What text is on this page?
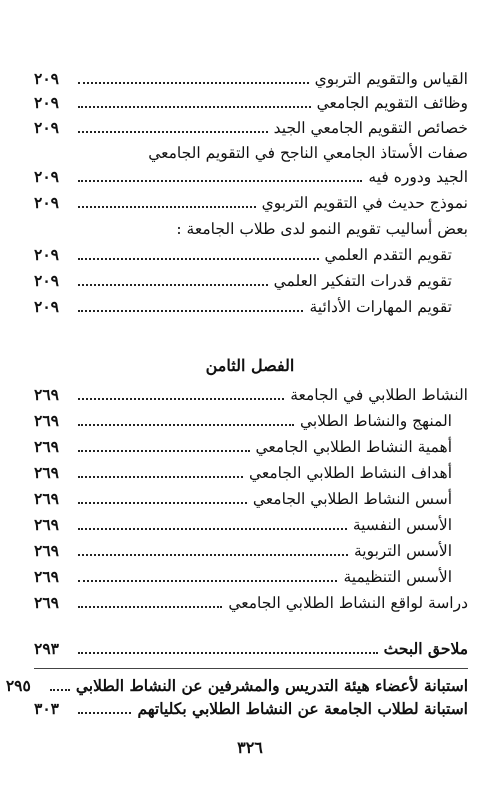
القياس والتقويم التربوي
٢٠٩
وظائف التقويم الجامعي
٢٠٩
خصائص التقويم الجامعي الجيد
٢٠٩
صفات الأستاذ الجامعي الناجح في التقويم الجامعي
الجيد ودوره فيه
٢٠٩
نموذج حديث في التقويم التربوي
٢٠٩
بعض أساليب تقويم النمو لدى طلاب الجامعة :
تقويم التقدم العلمي
٢٠٩
تقويم قدرات التفكير العلمي
٢٠٩
تقويم المهارات الأدائية
٢٠٩
الفصل الثامن
النشاط الطلابي في الجامعة
٢٦٩
المنهج والنشاط الطلابي
٢٦٩
أهمية النشاط الطلابي الجامعي
٢٦٩
أهداف النشاط الطلابي الجامعي
٢٦٩
أسس النشاط الطلابي الجامعي
٢٦٩
الأسس النفسية
٢٦٩
الأسس التربوية
٢٦٩
الأسس التنظيمية
٢٦٩
دراسة لواقع النشاط الطلابي الجامعي
٢٦٩
ملاحق البحث
٢٩٣
استبانة لأعضاء هيئة التدريس والمشرفين عن النشاط الطلابي
٢٩٥
استبانة لطلاب الجامعة عن النشاط الطلابي بكلياتهم
٣٠٣
٣٢٦
